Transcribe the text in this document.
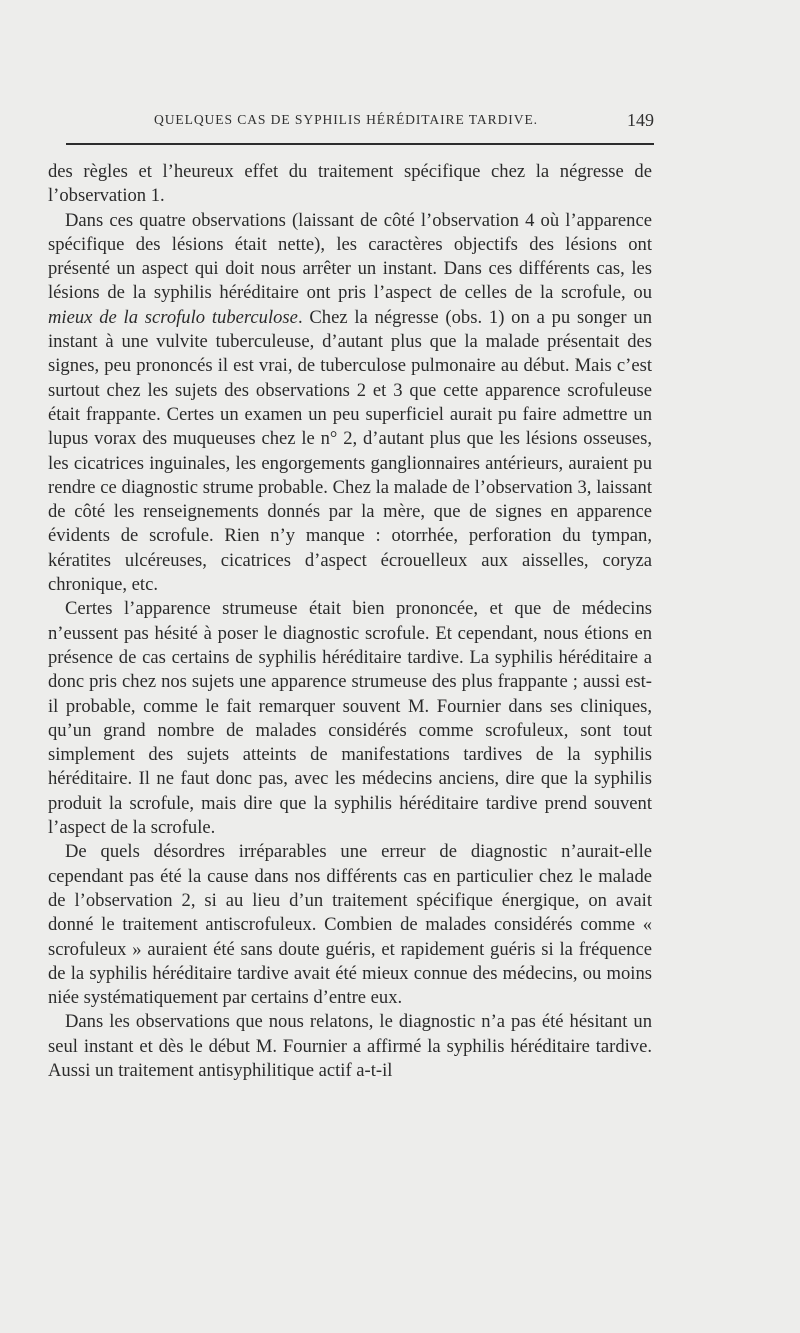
QUELQUES CAS DE SYPHILIS HÉRÉDITAIRE TARDIVE.	149

des règles et l’heureux effet du traitement spécifique chez la négresse de l’observation 1.

Dans ces quatre observations (laissant de côté l’observation 4 où l’apparence spécifique des lésions était nette), les caractères objectifs des lésions ont présenté un aspect qui doit nous arrêter un instant. Dans ces différents cas, les lésions de la syphilis héréditaire ont pris l’aspect de celles de la scrofule, ou mieux de la scrofulo tuberculose. Chez la négresse (obs. 1) on a pu songer un instant à une vulvite tuberculeuse, d’autant plus que la malade présentait des signes, peu prononcés il est vrai, de tuberculose pulmonaire au début. Mais c’est surtout chez les sujets des observations 2 et 3 que cette apparence scrofuleuse était frappante. Certes un examen un peu superficiel aurait pu faire admettre un lupus vorax des muqueuses chez le n° 2, d’autant plus que les lésions osseuses, les cicatrices inguinales, les engorgements ganglionnaires antérieurs, auraient pu rendre ce diagnostic strume probable. Chez la malade de l’observation 3, laissant de côté les renseignements donnés par la mère, que de signes en apparence évidents de scrofule. Rien n’y manque : otorrhée, perforation du tympan, kératites ulcéreuses, cicatrices d’aspect écrouelleux aux aisselles, coryza chronique, etc.

Certes l’apparence strumeuse était bien prononcée, et que de médecins n’eussent pas hésité à poser le diagnostic scrofule. Et cependant, nous étions en présence de cas certains de syphilis héréditaire tardive. La syphilis héréditaire a donc pris chez nos sujets une apparence strumeuse des plus frappante ; aussi est-il probable, comme le fait remarquer souvent M. Fournier dans ses cliniques, qu’un grand nombre de malades considérés comme scrofuleux, sont tout simplement des sujets atteints de manifestations tardives de la syphilis héréditaire. Il ne faut donc pas, avec les médecins anciens, dire que la syphilis produit la scrofule, mais dire que la syphilis héréditaire tardive prend souvent l’aspect de la scrofule.

De quels désordres irréparables une erreur de diagnostic n’aurait-elle cependant pas été la cause dans nos différents cas en particulier chez le malade de l’observation 2, si au lieu d’un traitement spécifique énergique, on avait donné le traitement antiscrofuleux. Combien de malades considérés comme « scrofuleux » auraient été sans doute guéris, et rapidement guéris si la fréquence de la syphilis héréditaire tardive avait été mieux connue des médecins, ou moins niée systématiquement par certains d’entre eux.

Dans les observations que nous relatons, le diagnostic n’a pas été hésitant un seul instant et dès le début M. Fournier a affirmé la syphilis héréditaire tardive. Aussi un traitement antisyphilitique actif a-t-il
